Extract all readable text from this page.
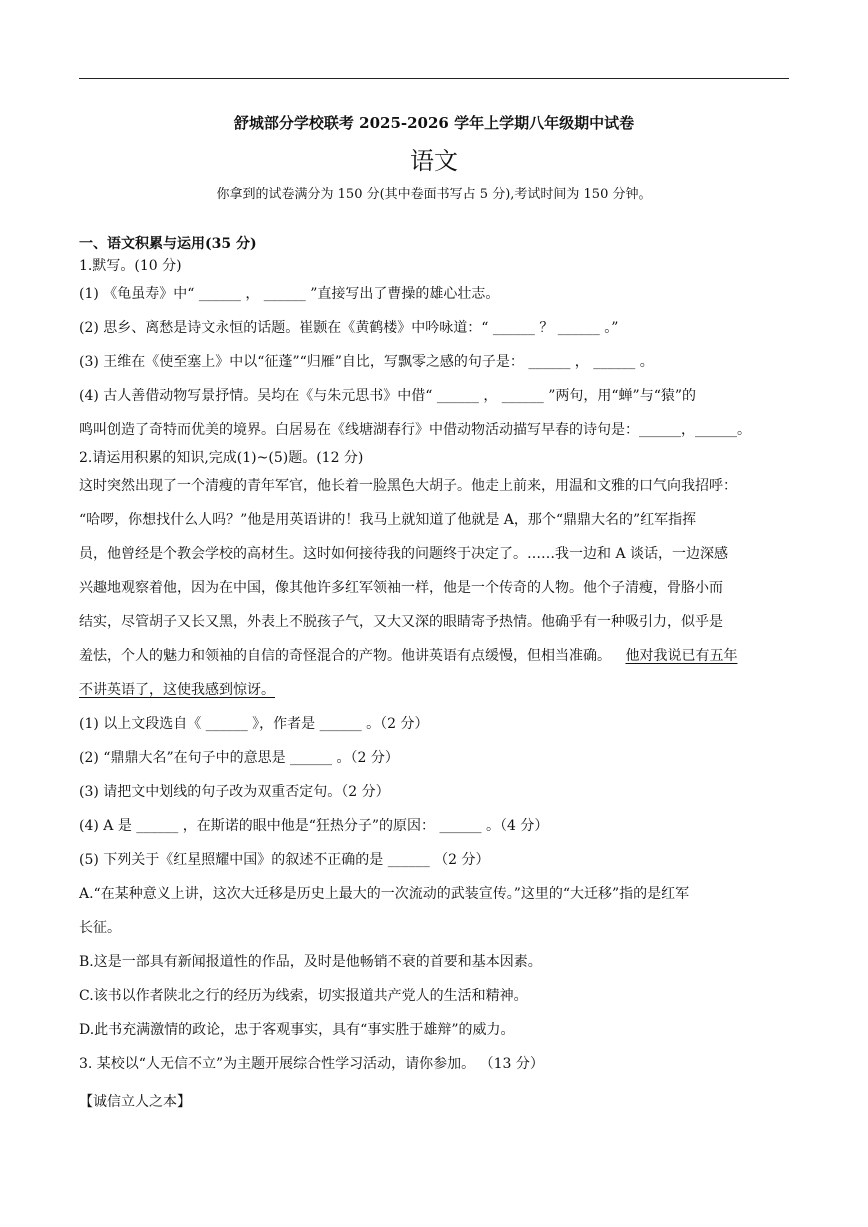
舒城部分学校联考 2025-2026 学年上学期八年级期中试卷
语文
你拿到的试卷满分为 150 分(其中卷面书写占 5 分),考试时间为 150 分钟。
一、语文积累与运用(35 分)
1.默写。(10 分)
(1) 《龟虽寿》中“ ______ ， ______ ”直接写出了曹操的雄心壮志。
(2) 思乡、离愁是诗文永恒的话题。崔颢在《黄鹤楼》中吟咏道：“ ______ ？ ______ 。”
(3) 王维在《使至塞上》中以“征蓬”“归雁”自比，写飘零之感的句子是： ______ ， ______ 。
(4) 古人善借动物写景抒情。吴均在《与朱元思书》中借“ ______ ， ______ ”两句，用“蝉”与“猿”的
鸣叫创造了奇特而优美的境界。白居易在《线塘湖春行》中借动物活动描写早春的诗句是：______，______。
2.请运用积累的知识,完成(1)~(5)题。(12 分)
这时突然出现了一个清瘦的青年军官，他长着一脸黑色大胡子。他走上前来，用温和文雅的口气向我招呼：
“哈啰，你想找什么人吗？”他是用英语讲的！我马上就知道了他就是 A，那个“鼎鼎大名的”红军指挥
员，他曾经是个教会学校的高材生。这时如何接待我的问题终于决定了。……我一边和 A 谈话，一边深感
兴趣地观察着他，因为在中国，像其他许多红军领袖一样，他是一个传奇的人物。他个子清瘦，骨胳小而
结实，尽管胡子又长又黑，外表上不脱孩子气，又大又深的眼睛寄予热情。他确乎有一种吸引力，似乎是
羞怯，个人的魅力和领袖的自信的奇怪混合的产物。他讲英语有点缓慢，但相当准确。 他对我说已有五年
不讲英语了，这使我感到惊讶。
(1) 以上文段选自《 ______ 》，作者是 ______ 。（2 分）
(2) “鼎鼎大名”在句子中的意思是 ______ 。（2 分）
(3) 请把文中划线的句子改为双重否定句。（2 分）
(4) A 是 ______ ，在斯诺的眼中他是“狂热分子”的原因： ______ 。（4 分）
(5) 下列关于《红星照耀中国》的叙述不正确的是 ______ （2 分）
A.“在某种意义上讲，这次大迁移是历史上最大的一次流动的武装宣传。”这里的“大迁移”指的是红军
长征。
B.这是一部具有新闻报道性的作品，及时是他畅销不衰的首要和基本因素。
C.该书以作者陕北之行的经历为线索，切实报道共产党人的生活和精神。
D.此书充满激情的政论，忠于客观事实，具有“事实胜于雄辩”的威力。
3. 某校以“人无信不立”为主题开展综合性学习活动，请你参加。 （13 分）
【诚信立人之本】
